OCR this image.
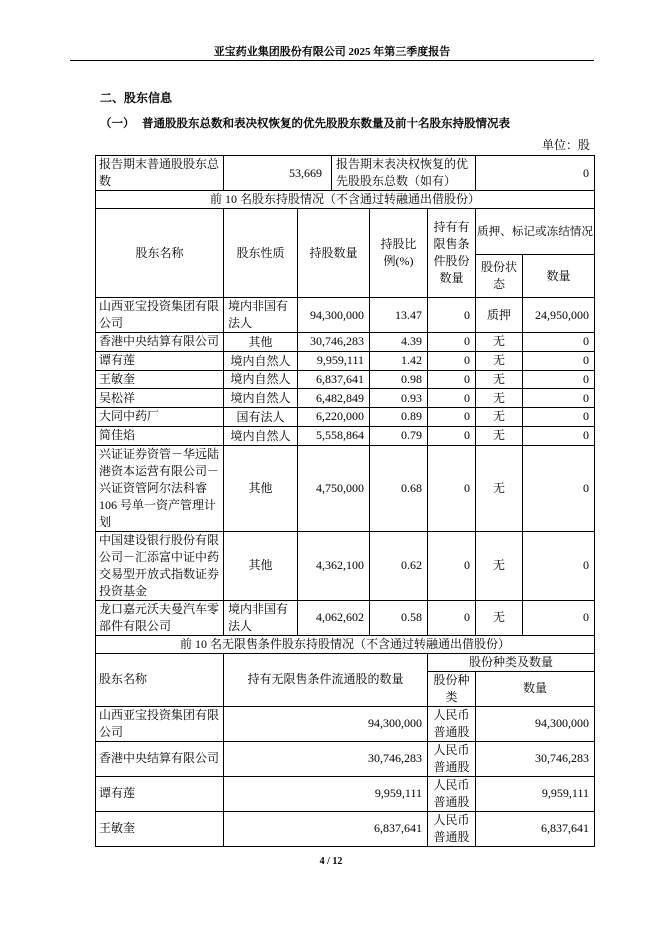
亚宝药业集团股份有限公司 2025 年第三季度报告
二、股东信息
（一） 普通股股东总数和表决权恢复的优先股股东数量及前十名股东持股情况表
单位：股
报告期末普通股股东总数	53,669		报告期末表决权恢复的优先股股东总数（如有）			0	
前 10 名股东持股情况（不含通过转融通出借股份）							
股东名称	股东性质	持股数量		持股比例(%)	持有有限售条件股份数量	质押、标记或冻结情况	
						股份状态	数量
山西亚宝投资集团有限公司	境内非国有法人	94,300,000		13.47	0	质押	24,950,000
香港中央结算有限公司	其他	30,746,283		4.39	0	无	0
谭有莲	境内自然人	9,959,111		1.42	0	无	0
王敏奎	境内自然人	6,837,641		0.98	0	无	0
吴松祥	境内自然人	6,482,849		0.93	0	无	0
大同中药厂	国有法人	6,220,000		0.89	0	无	0
简佳焰	境内自然人	5,558,864		0.79	0	无	0
兴证证券资管－华远陆港资本运营有限公司－兴证资管阿尔法科睿106 号单一资产管理计划	其他	4,750,000		0.68	0	无	0
中国建设银行股份有限公司－汇添富中证中药交易型开放式指数证券投资基金	其他	4,362,100		0.62	0	无	0
龙口嘉元沃夫曼汽车零部件有限公司	境内非国有法人	4,062,602		0.58	0	无	0
前 10 名无限售条件股东持股情况（不含通过转融通出借股份）							
股东名称	持有无限售条件流通股的数量				股份种类及数量		
					股份种类	数量	
山西亚宝投资集团有限公司	94,300,000				人民币普通股	94,300,000	
香港中央结算有限公司	30,746,283				人民币普通股	30,746,283	
谭有莲	9,959,111				人民币普通股	9,959,111	
王敏奎	6,837,641				人民币普通股	6,837,641	
4 / 12
